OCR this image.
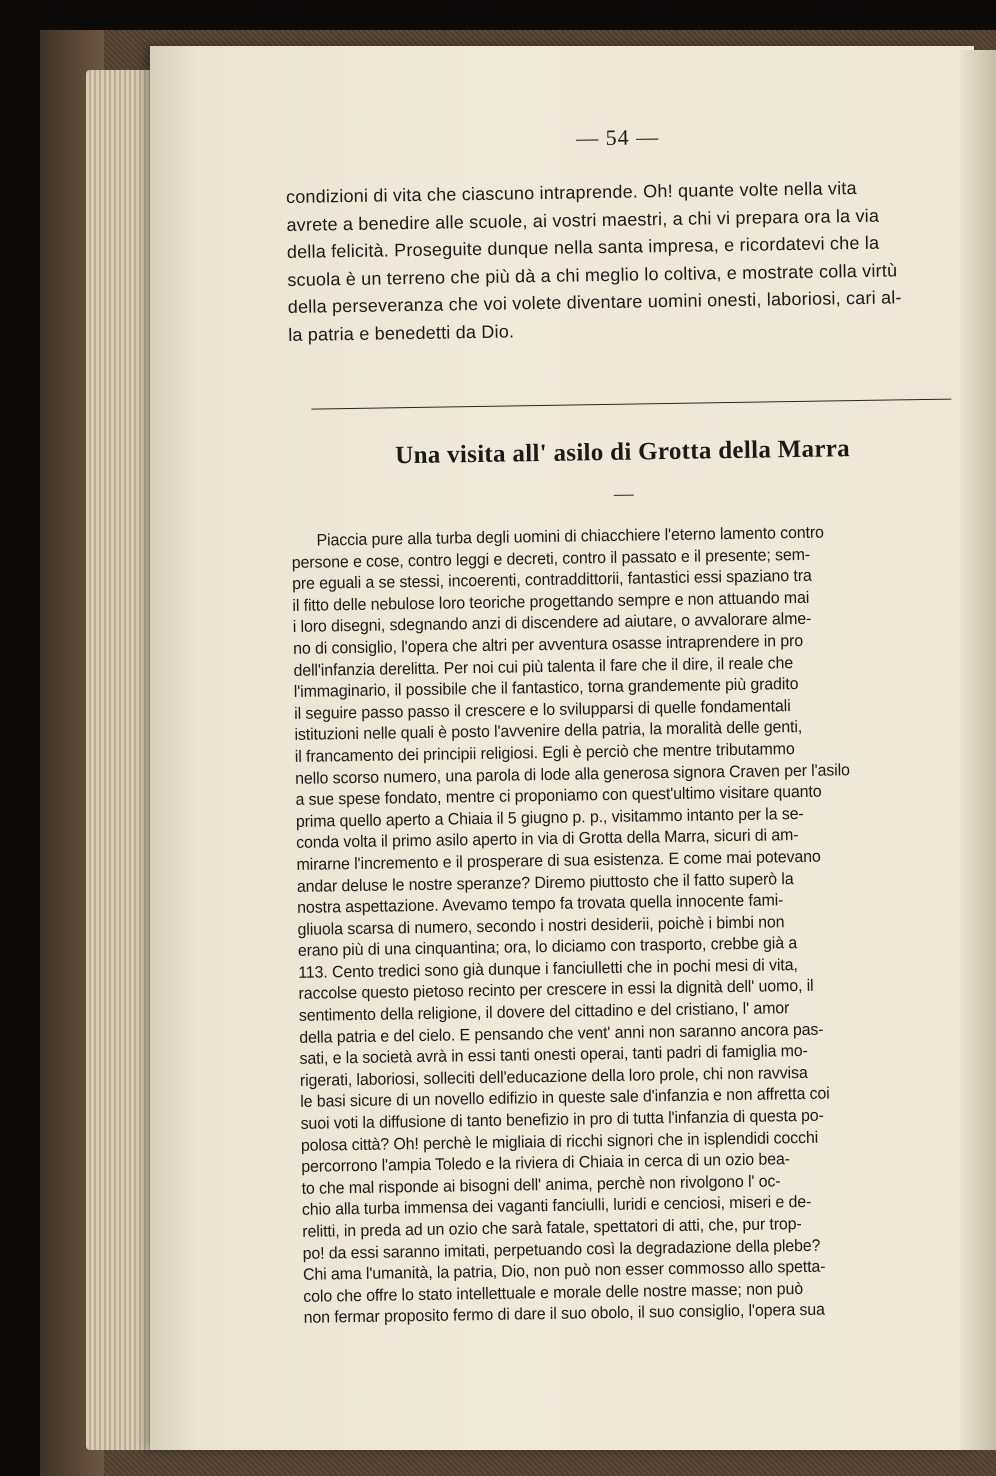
— 54 —

condizioni di vita che ciascuno intraprende. Oh! quante volte nella vita

avrete a benedire alle scuole, ai vostri maestri, a chi vi prepara ora la via

della felicità. Proseguite dunque nella santa impresa, e ricordatevi che la

scuola è un terreno che più dà a chi meglio lo coltiva, e mostrate colla virtù

della perseveranza che voi volete diventare uomini onesti, laboriosi, cari al-

la patria e benedetti da Dio.

Una visita all' asilo di Grotta della Marra

Piaccia pure alla turba degli uomini di chiacchiere l'eterno lamento contro

persone e cose, contro leggi e decreti, contro il passato e il presente; sem-

pre eguali a se stessi, incoerenti, contraddittorii, fantastici essi spaziano tra

il fitto delle nebulose loro teoriche progettando sempre e non attuando mai

i loro disegni, sdegnando anzi di discendere ad aiutare, o avvalorare alme-

no di consiglio, l'opera che altri per avventura osasse intraprendere in pro

dell'infanzia derelitta. Per noi cui più talenta il fare che il dire, il reale che

l'immaginario, il possibile che il fantastico, torna grandemente più gradito

il seguire passo passo il crescere e lo svilupparsi di quelle fondamentali

istituzioni nelle quali è posto l'avvenire della patria, la moralità delle genti,

il francamento dei principii religiosi. Egli è perciò che mentre tributammo

nello scorso numero, una parola di lode alla generosa signora Craven per l'asilo

a sue spese fondato, mentre ci proponiamo con quest'ultimo visitare quanto

prima quello aperto a Chiaia il 5 giugno p. p., visitammo intanto per la se-

conda volta il primo asilo aperto in via di Grotta della Marra, sicuri di am-

mirarne l'incremento e il prosperare di sua esistenza. E come mai potevano

andar deluse le nostre speranze? Diremo piuttosto che il fatto superò la

nostra aspettazione. Avevamo tempo fa trovata quella innocente fami-

gliuola scarsa di numero, secondo i nostri desiderii, poichè i bimbi non

erano più di una cinquantina; ora, lo diciamo con trasporto, crebbe già a

113. Cento tredici sono già dunque i fanciulletti che in pochi mesi di vita,

raccolse questo pietoso recinto per crescere in essi la dignità dell' uomo, il

sentimento della religione, il dovere del cittadino e del cristiano, l' amor

della patria e del cielo. E pensando che vent' anni non saranno ancora pas-

sati, e la società avrà in essi tanti onesti operai, tanti padri di famiglia mo-

rigerati, laboriosi, solleciti dell'educazione della loro prole, chi non ravvisa

le basi sicure di un novello edifizio in queste sale d'infanzia e non affretta coi

suoi voti la diffusione di tanto benefizio in pro di tutta l'infanzia di questa po-

polosa città? Oh! perchè le migliaia di ricchi signori che in isplendidi cocchi

percorrono l'ampia Toledo e la riviera di Chiaia in cerca di un ozio bea-

to che mal risponde ai bisogni dell' anima, perchè non rivolgono l' oc-

chio alla turba immensa dei vaganti fanciulli, luridi e cenciosi, miseri e de-

relitti, in preda ad un ozio che sarà fatale, spettatori di atti, che, pur trop-

po! da essi saranno imitati, perpetuando così la degradazione della plebe?

Chi ama l'umanità, la patria, Dio, non può non esser commosso allo spetta-

colo che offre lo stato intellettuale e morale delle nostre masse; non può

non fermar proposito fermo di dare il suo obolo, il suo consiglio, l'opera sua
